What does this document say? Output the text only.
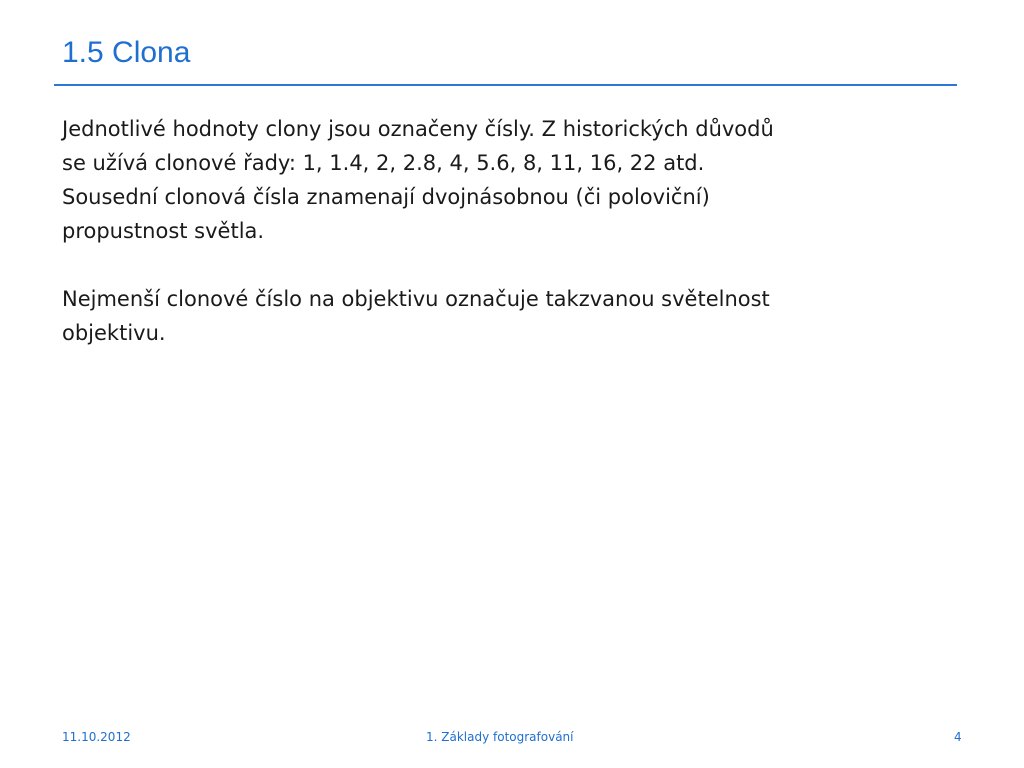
1.5 Clona

Jednotlivé hodnoty clony jsou označeny čísly. Z historických důvodů
se užívá clonové řady: 1, 1.4, 2, 2.8, 4, 5.6, 8, 11, 16, 22 atd.
Sousední clonová čísla znamenají dvojnásobnou (či poloviční)
propustnost světla.

Nejmenší clonové číslo na objektivu označuje takzvanou světelnost
objektivu.

11.10.2012	1. Základy fotografování	4
